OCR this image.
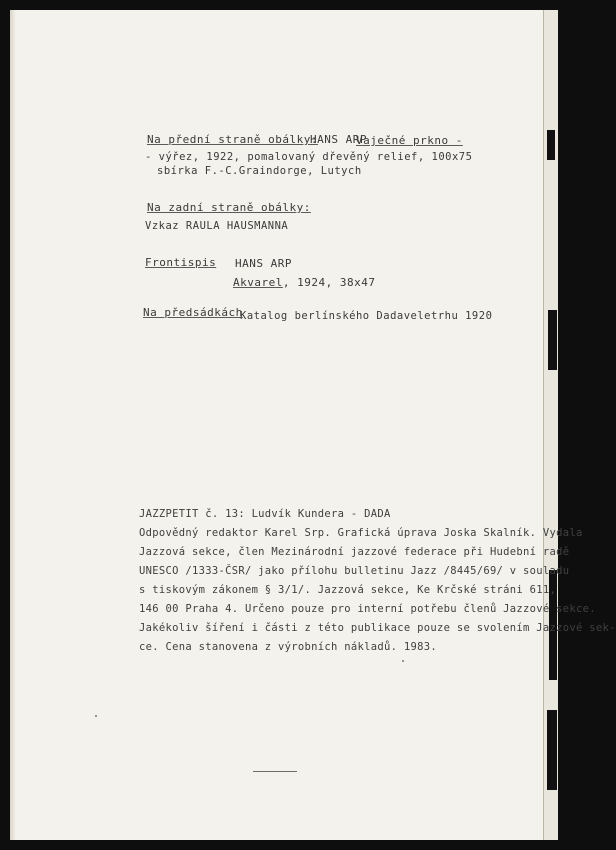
Na přední straně obálky:
HANS ARP
Vaječné prkno -
- výřez, 1922, pomalovaný dřevěný relief, 100x75
sbírka F.-C.Graindorge, Lutych
Na zadní straně obálky:
Vzkaz RAULA HAUSMANNA
Frontispis HANS ARP
Akvarel, 1924, 38x47
Na předsádkách
Katalog berlínského Dadaveletrhu 1920
JAZZPETIT č. 13: Ludvík Kundera - DADA
Odpovědný redaktor Karel Srp. Grafická úprava Joska Skalník. Vydala
Jazzová sekce, člen Mezinárodní jazzové federace při Hudební radě
UNESCO /1333-ČSR/ jako přílohu bulletinu Jazz /8445/69/ v souladu
s tiskovým zákonem § 3/1/. Jazzová sekce, Ke Krčské stráni 611,
146 00 Praha 4. Určeno pouze pro interní potřebu členů Jazzové sekce.
Jakékoliv šíření i části z této publikace pouze se svolením Jazzové sek-
ce. Cena stanovena z výrobních nákladů. 1983.
